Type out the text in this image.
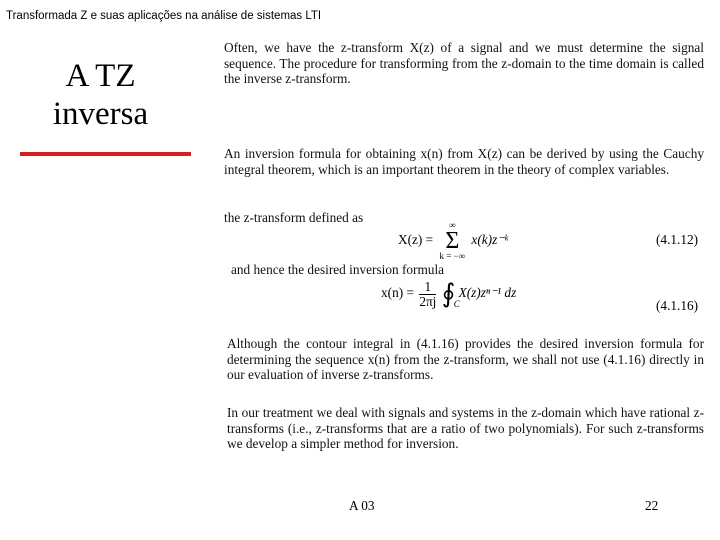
Transformada Z e suas aplicações na análise de sistemas LTI
A TZ
inversa
Often, we have the z-transform X(z) of a signal and we must determine the signal sequence. The procedure for transforming from the z-domain to the time domain is called the inverse z-transform.
An inversion formula for obtaining x(n) from X(z) can be derived by using the Cauchy integral theorem, which is an important theorem in the theory of complex variables.
the z-transform defined as
X(z) =
∞
Σ
k = −∞
x(k)z⁻ᵏ	(4.1.12)
and hence the desired inversion formula
$x(n) = \frac{1}{2\pi j}$ ∮
C
X(z)zⁿ⁻¹ dz
(4.1.16)
Although the contour integral in (4.1.16) provides the desired inversion formula for determining the sequence x(n) from the z-transform, we shall not use (4.1.16) directly in our evaluation of inverse z-transforms.
In our treatment we deal with signals and systems in the z-domain which have rational z-transforms (i.e., z-transforms that are a ratio of two polynomials). For such z-transforms we develop a simpler method for inversion.
A 03	22
